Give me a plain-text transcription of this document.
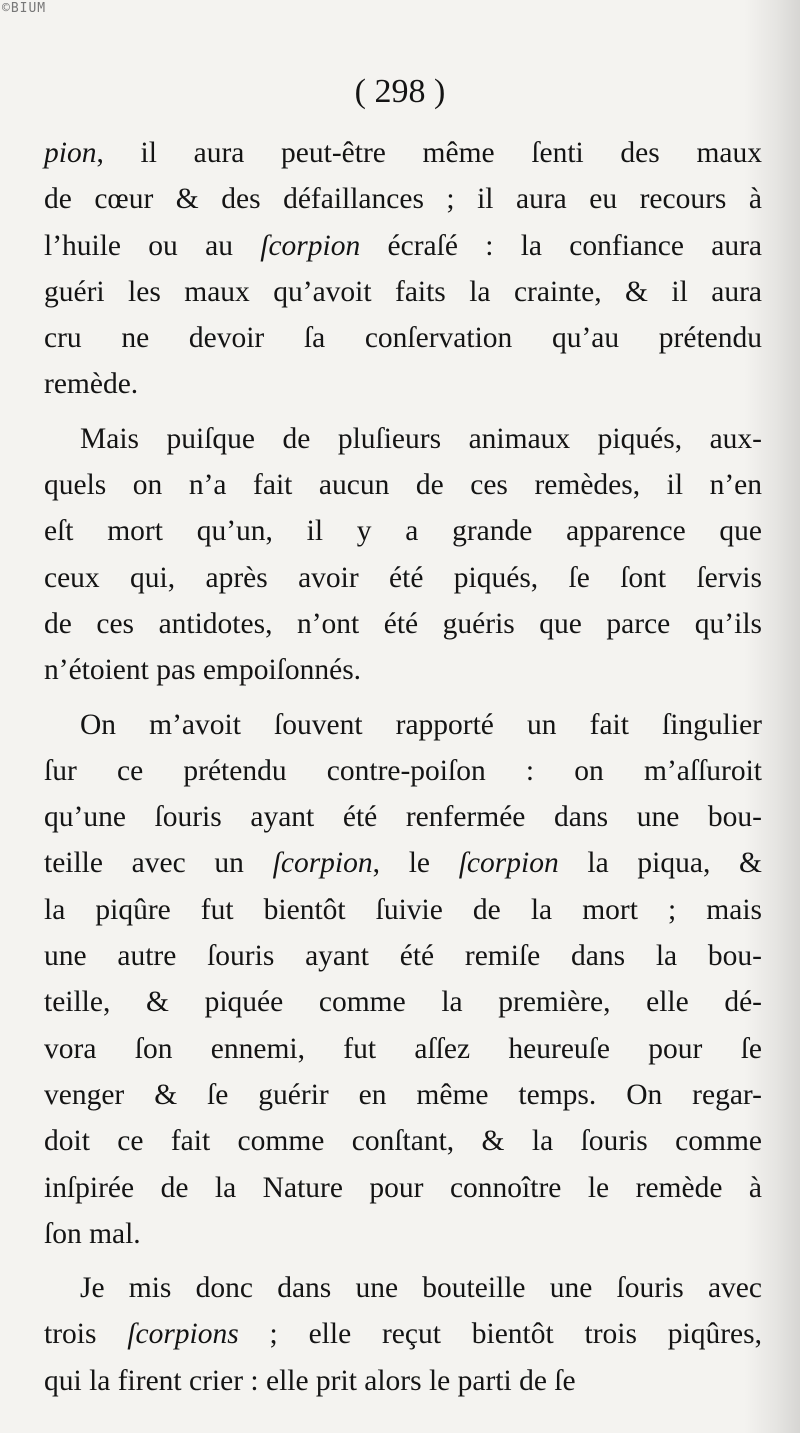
©BIUM
( 298 )
pion, il aura peut-être même ſenti des maux
de cœur & des défaillances ; il aura eu recours à
l’huile ou au ſcorpion écraſé : la confiance aura
guéri les maux qu’avoit faits la crainte, & il aura
cru ne devoir ſa conſervation qu’au prétendu
remède.
Mais puiſque de pluſieurs animaux piqués, aux-
quels on n’a fait aucun de ces remèdes, il n’en
eſt mort qu’un, il y a grande apparence que
ceux qui, après avoir été piqués, ſe ſont ſervis
de ces antidotes, n’ont été guéris que parce qu’ils
n’étoient pas empoiſonnés.
On m’avoit ſouvent rapporté un fait ſingulier
ſur ce prétendu contre-poiſon : on m’aſſuroit
qu’une ſouris ayant été renfermée dans une bou-
teille avec un ſcorpion, le ſcorpion la piqua, &
la piqûre fut bientôt ſuivie de la mort ; mais
une autre ſouris ayant été remiſe dans la bou-
teille, & piquée comme la première, elle dé-
vora ſon ennemi, fut aſſez heureuſe pour ſe
venger & ſe guérir en même temps. On regar-
doit ce fait comme conſtant, & la ſouris comme
inſpirée de la Nature pour connoître le remède à
ſon mal.
Je mis donc dans une bouteille une ſouris avec
trois ſcorpions ; elle reçut bientôt trois piqûres,
qui la firent crier : elle prit alors le parti de ſe
